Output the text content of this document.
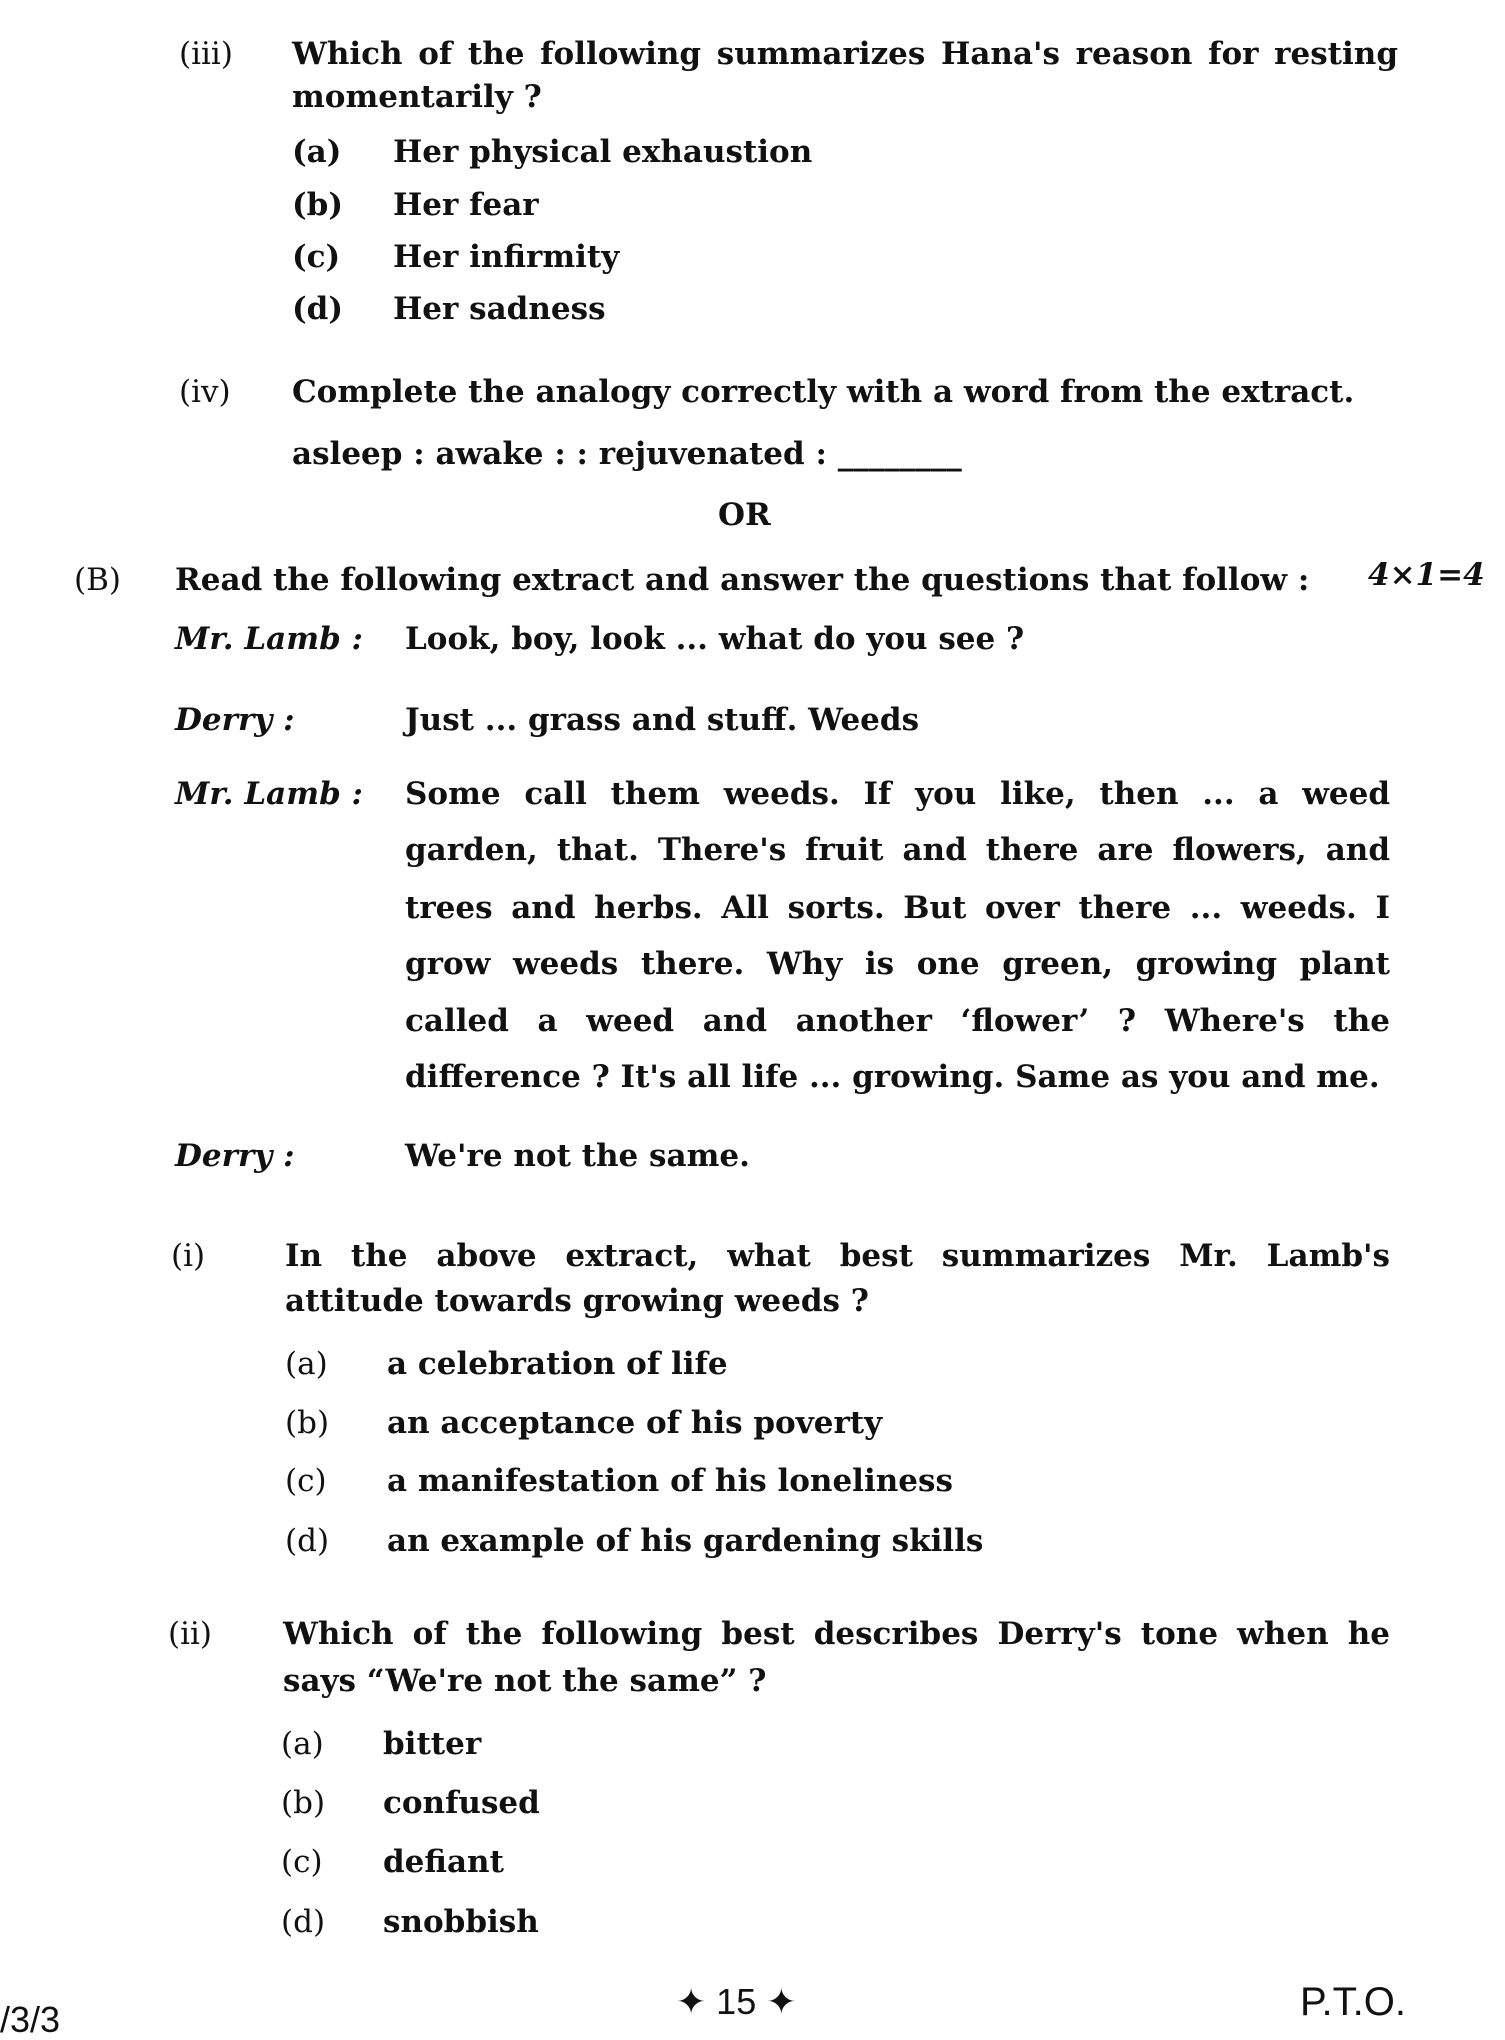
(iii) Which of the following summarizes Hana's reason for resting
momentarily ?
(a) Her physical exhaustion
(b) Her fear
(c) Her infirmity
(d) Her sadness
(iv) Complete the analogy correctly with a word from the extract.
asleep : awake : : rejuvenated : ________
OR
(B) Read the following extract and answer the questions that follow : 4×1=4
Mr. Lamb : Look, boy, look ... what do you see ?
Derry :	Just ... grass and stuff. Weeds
Mr. Lamb : Some call them weeds. If you like, then ... a weed
garden, that. There's fruit and there are flowers, and
trees and herbs. All sorts. But over there ... weeds. I
grow weeds there. Why is one green, growing plant
called a weed and another ‘flower’ ? Where's the
difference ? It's all life ... growing. Same as you and me.
Derry :	We're not the same.
(i)	In the above extract, what best summarizes Mr. Lamb's
attitude towards growing weeds ?
(a) a celebration of life
(b) an acceptance of his poverty
(c) a manifestation of his loneliness
(d) an example of his gardening skills
(ii) Which of the following best describes Derry's tone when he
says “We're not the same” ?
(a) bitter
(b) confused
(c) defiant
(d) snobbish
/3/3	✦ 15 ✦	P.T.O.
